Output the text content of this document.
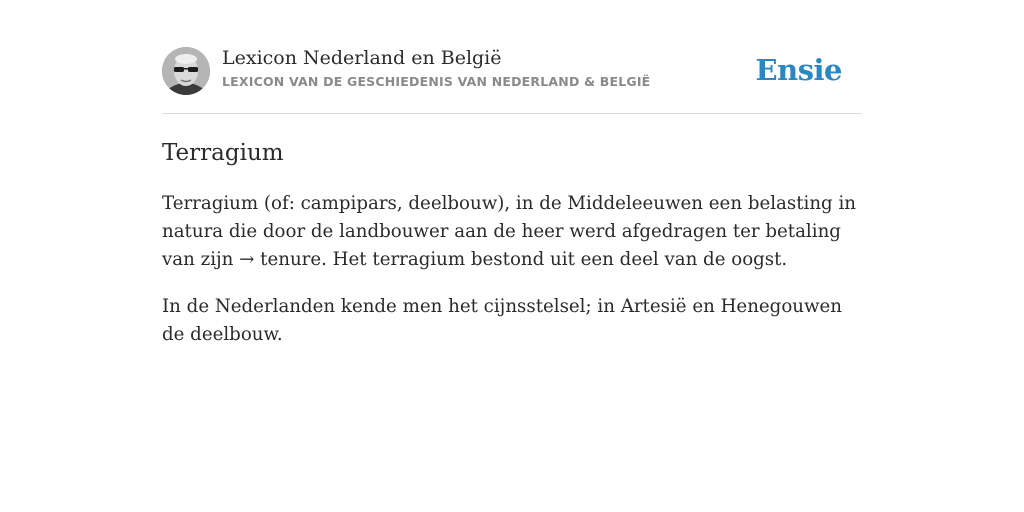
Lexicon Nederland en België
LEXICON VAN DE GESCHIEDENIS VAN NEDERLAND & BELGIË	Ensie
Terragium

Terragium (of: campipars, deelbouw), in de Middeleeuwen een belasting in natura die door de landbouwer aan de heer werd afgedragen ter betaling van zijn → tenure. Het terragium bestond uit een deel van de oogst.

In de Nederlanden kende men het cijnsstelsel; in Artesië en Henegouwen de deelbouw.
